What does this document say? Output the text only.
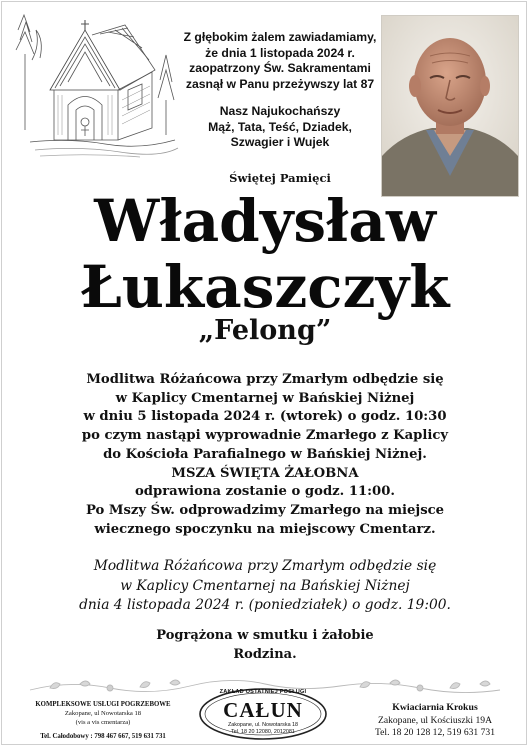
Z głębokim żalem zawiadamiamy,
że dnia 1 listopada 2024 r.
zaopatrzony Św. Sakramentami
zasnął w Panu przeżywszy lat 87
Nasz Najukochańszy
Mąż, Tata, Teść, Dziadek,
Szwagier i Wujek
Świętej Pamięci
Władysław
Łukaszczyk
„Felong”
Modlitwa Różańcowa przy Zmarłym odbędzie się
w Kaplicy Cmentarnej w Bańskiej Niżnej
w dniu 5 listopada 2024 r. (wtorek) o godz. 10:30
po czym nastąpi wyprowadnie Zmarłego z Kaplicy
do Kościoła Parafialnego w Bańskiej Niżnej.
MSZA ŚWIĘTA ŻAŁOBNA
odprawiona zostanie o godz. 11:00.
Po Mszy Św. odprowadzimy Zmarłego na miejsce
wiecznego spoczynku na miejscowy Cmentarz.
Modlitwa Różańcowa przy Zmarłym odbędzie się
w Kaplicy Cmentarnej na Bańskiej Niżnej
dnia 4 listopada 2024 r. (poniedziałek) o godz. 19:00.
Pogrążona w smutku i żałobie
Rodzina.
KOMPLEKSOWE USŁUGI POGRZEBOWE
Zakopane, ul Nowotarska 18
(vis a vis cmentarza)
Tel. Całodobowy : 798 467 667, 519 631 731
ZAKŁAD OSTATNIEJ POSŁUGI
CAŁUN
Zakopane, ul. Nowotarska 18
Tel. 18 20 12080, 2012081
Kwiaciarnia Krokus
Zakopane, ul Kościuszki 19A
Tel. 18 20 128 12, 519 631 731
